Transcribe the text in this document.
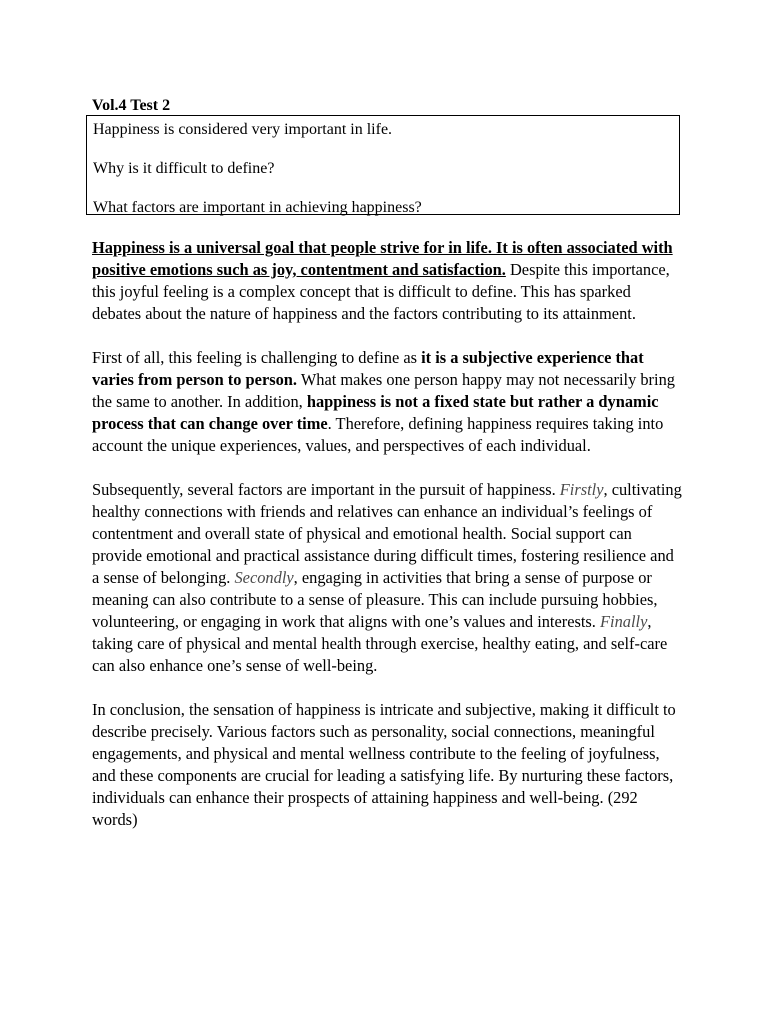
Vol.4 Test 2

Happiness is considered very important in life.

Why is it difficult to define?

What factors are important in achieving happiness?

Happiness is a universal goal that people strive for in life. It is often associated with positive emotions such as joy, contentment and satisfaction. Despite this importance, this joyful feeling is a complex concept that is difficult to define. This has sparked debates about the nature of happiness and the factors contributing to its attainment.

First of all, this feeling is challenging to define as it is a subjective experience that varies from person to person. What makes one person happy may not necessarily bring the same to another. In addition, happiness is not a fixed state but rather a dynamic process that can change over time. Therefore, defining happiness requires taking into account the unique experiences, values, and perspectives of each individual.

Subsequently, several factors are important in the pursuit of happiness. Firstly, cultivating healthy connections with friends and relatives can enhance an individual’s feelings of contentment and overall state of physical and emotional health. Social support can provide emotional and practical assistance during difficult times, fostering resilience and a sense of belonging. Secondly, engaging in activities that bring a sense of purpose or meaning can also contribute to a sense of pleasure. This can include pursuing hobbies, volunteering, or engaging in work that aligns with one’s values and interests. Finally, taking care of physical and mental health through exercise, healthy eating, and self-care can also enhance one’s sense of well-being.

In conclusion, the sensation of happiness is intricate and subjective, making it difficult to describe precisely. Various factors such as personality, social connections, meaningful engagements, and physical and mental wellness contribute to the feeling of joyfulness, and these components are crucial for leading a satisfying life. By nurturing these factors, individuals can enhance their prospects of attaining happiness and well-being. (292 words)
